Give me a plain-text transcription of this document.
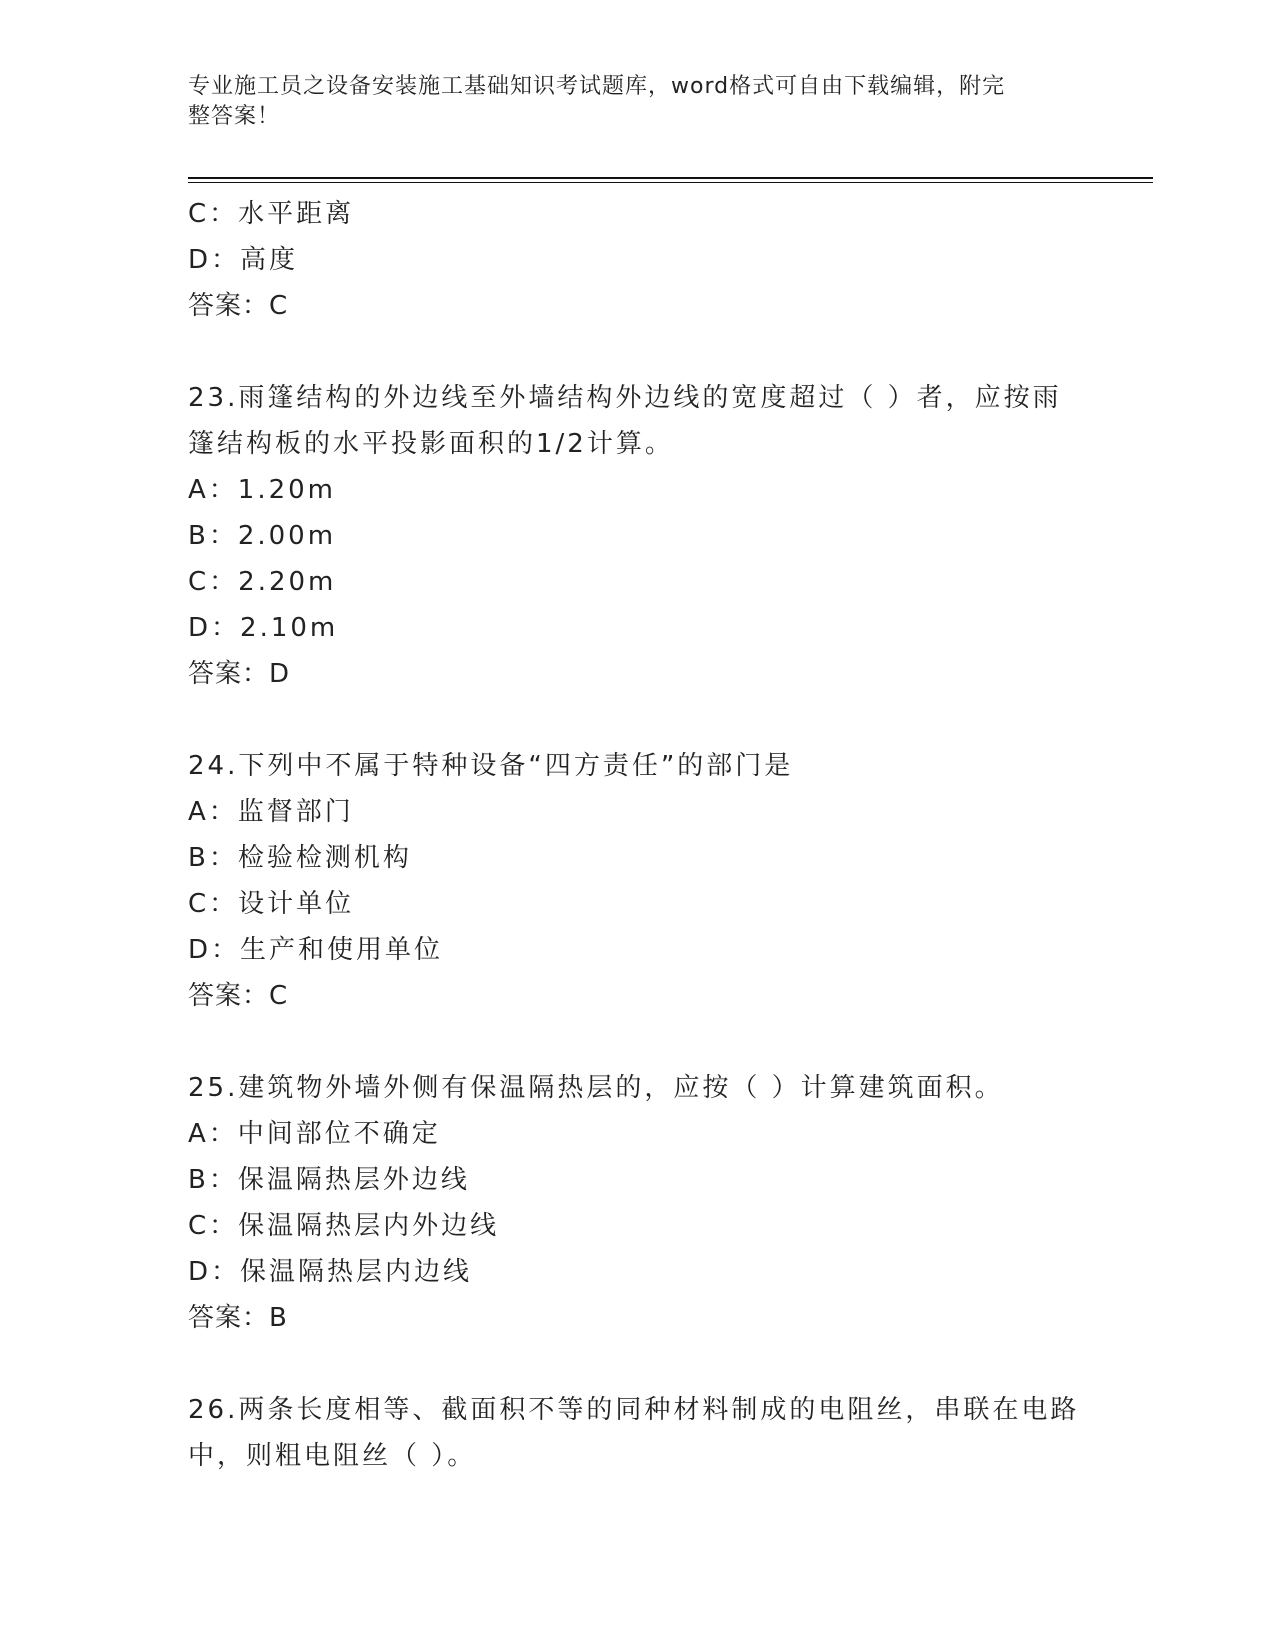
专业施工员之设备安装施工基础知识考试题库，word格式可自由下载编辑，附完
整答案！
C：水平距离
D：高度
答案：C
23.雨篷结构的外边线至外墙结构外边线的宽度超过（ ）者，应按雨
篷结构板的水平投影面积的1/2计算。
A：1.20m
B：2.00m
C：2.20m
D：2.10m
答案：D
24.下列中不属于特种设备“四方责任”的部门是
A：监督部门
B：检验检测机构
C：设计单位
D：生产和使用单位
答案：C
25.建筑物外墙外侧有保温隔热层的，应按（ ）计算建筑面积。
A：中间部位不确定
B：保温隔热层外边线
C：保温隔热层内外边线
D：保温隔热层内边线
答案：B
26.两条长度相等、截面积不等的同种材料制成的电阻丝，串联在电路
中，则粗电阻丝（ ）。
